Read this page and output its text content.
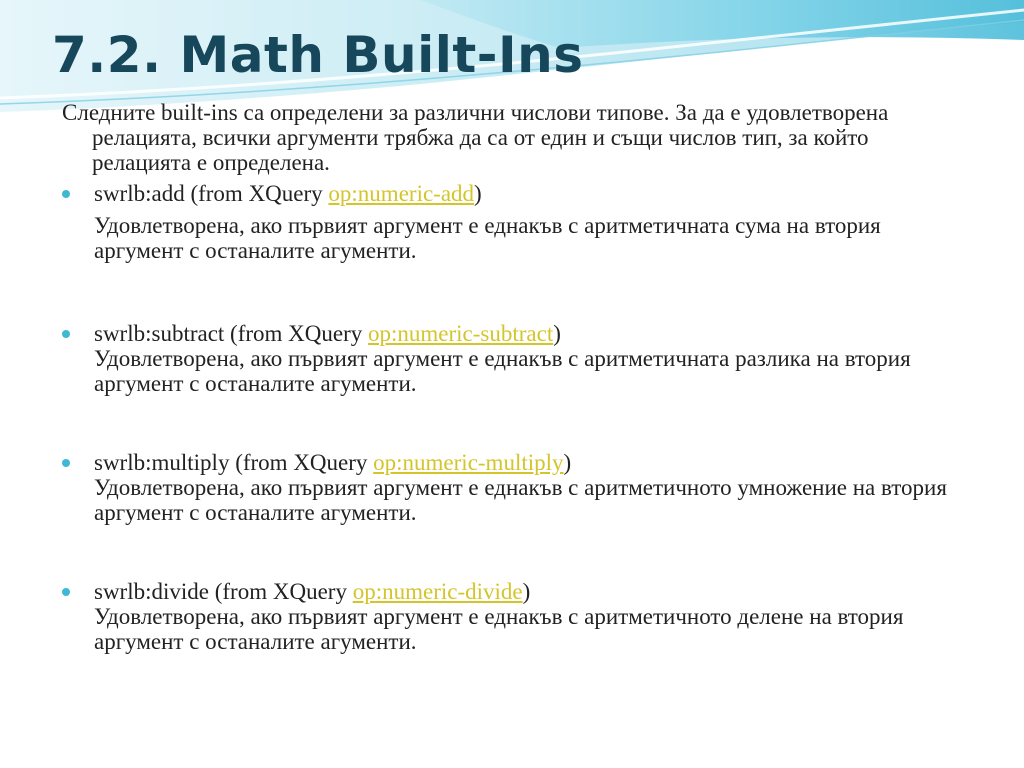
7.2. Math Built-Ins

Следните built-ins са определени за различни числови типове. За да е удовлетворена релацията, всички аргументи трябжа да са от един и същи числов тип, за който релацията е определена.

swrlb:add (from XQuery op:numeric-add)

Удовлетворена, ако първият аргумент е еднакъв с аритметичната сума на втория аргумент с останалите агументи.

swrlb:subtract (from XQuery op:numeric-subtract)

Удовлетворена, ако първият аргумент е еднакъв с аритметичната разлика на втория аргумент с останалите агументи.

swrlb:multiply (from XQuery op:numeric-multiply)

Удовлетворена, ако първият аргумент е еднакъв с аритметичното умножение на втория аргумент с останалите агументи.

swrlb:divide (from XQuery op:numeric-divide)

Удовлетворена, ако първият аргумент е еднакъв с аритметичното делене на втория аргумент с останалите агументи.
